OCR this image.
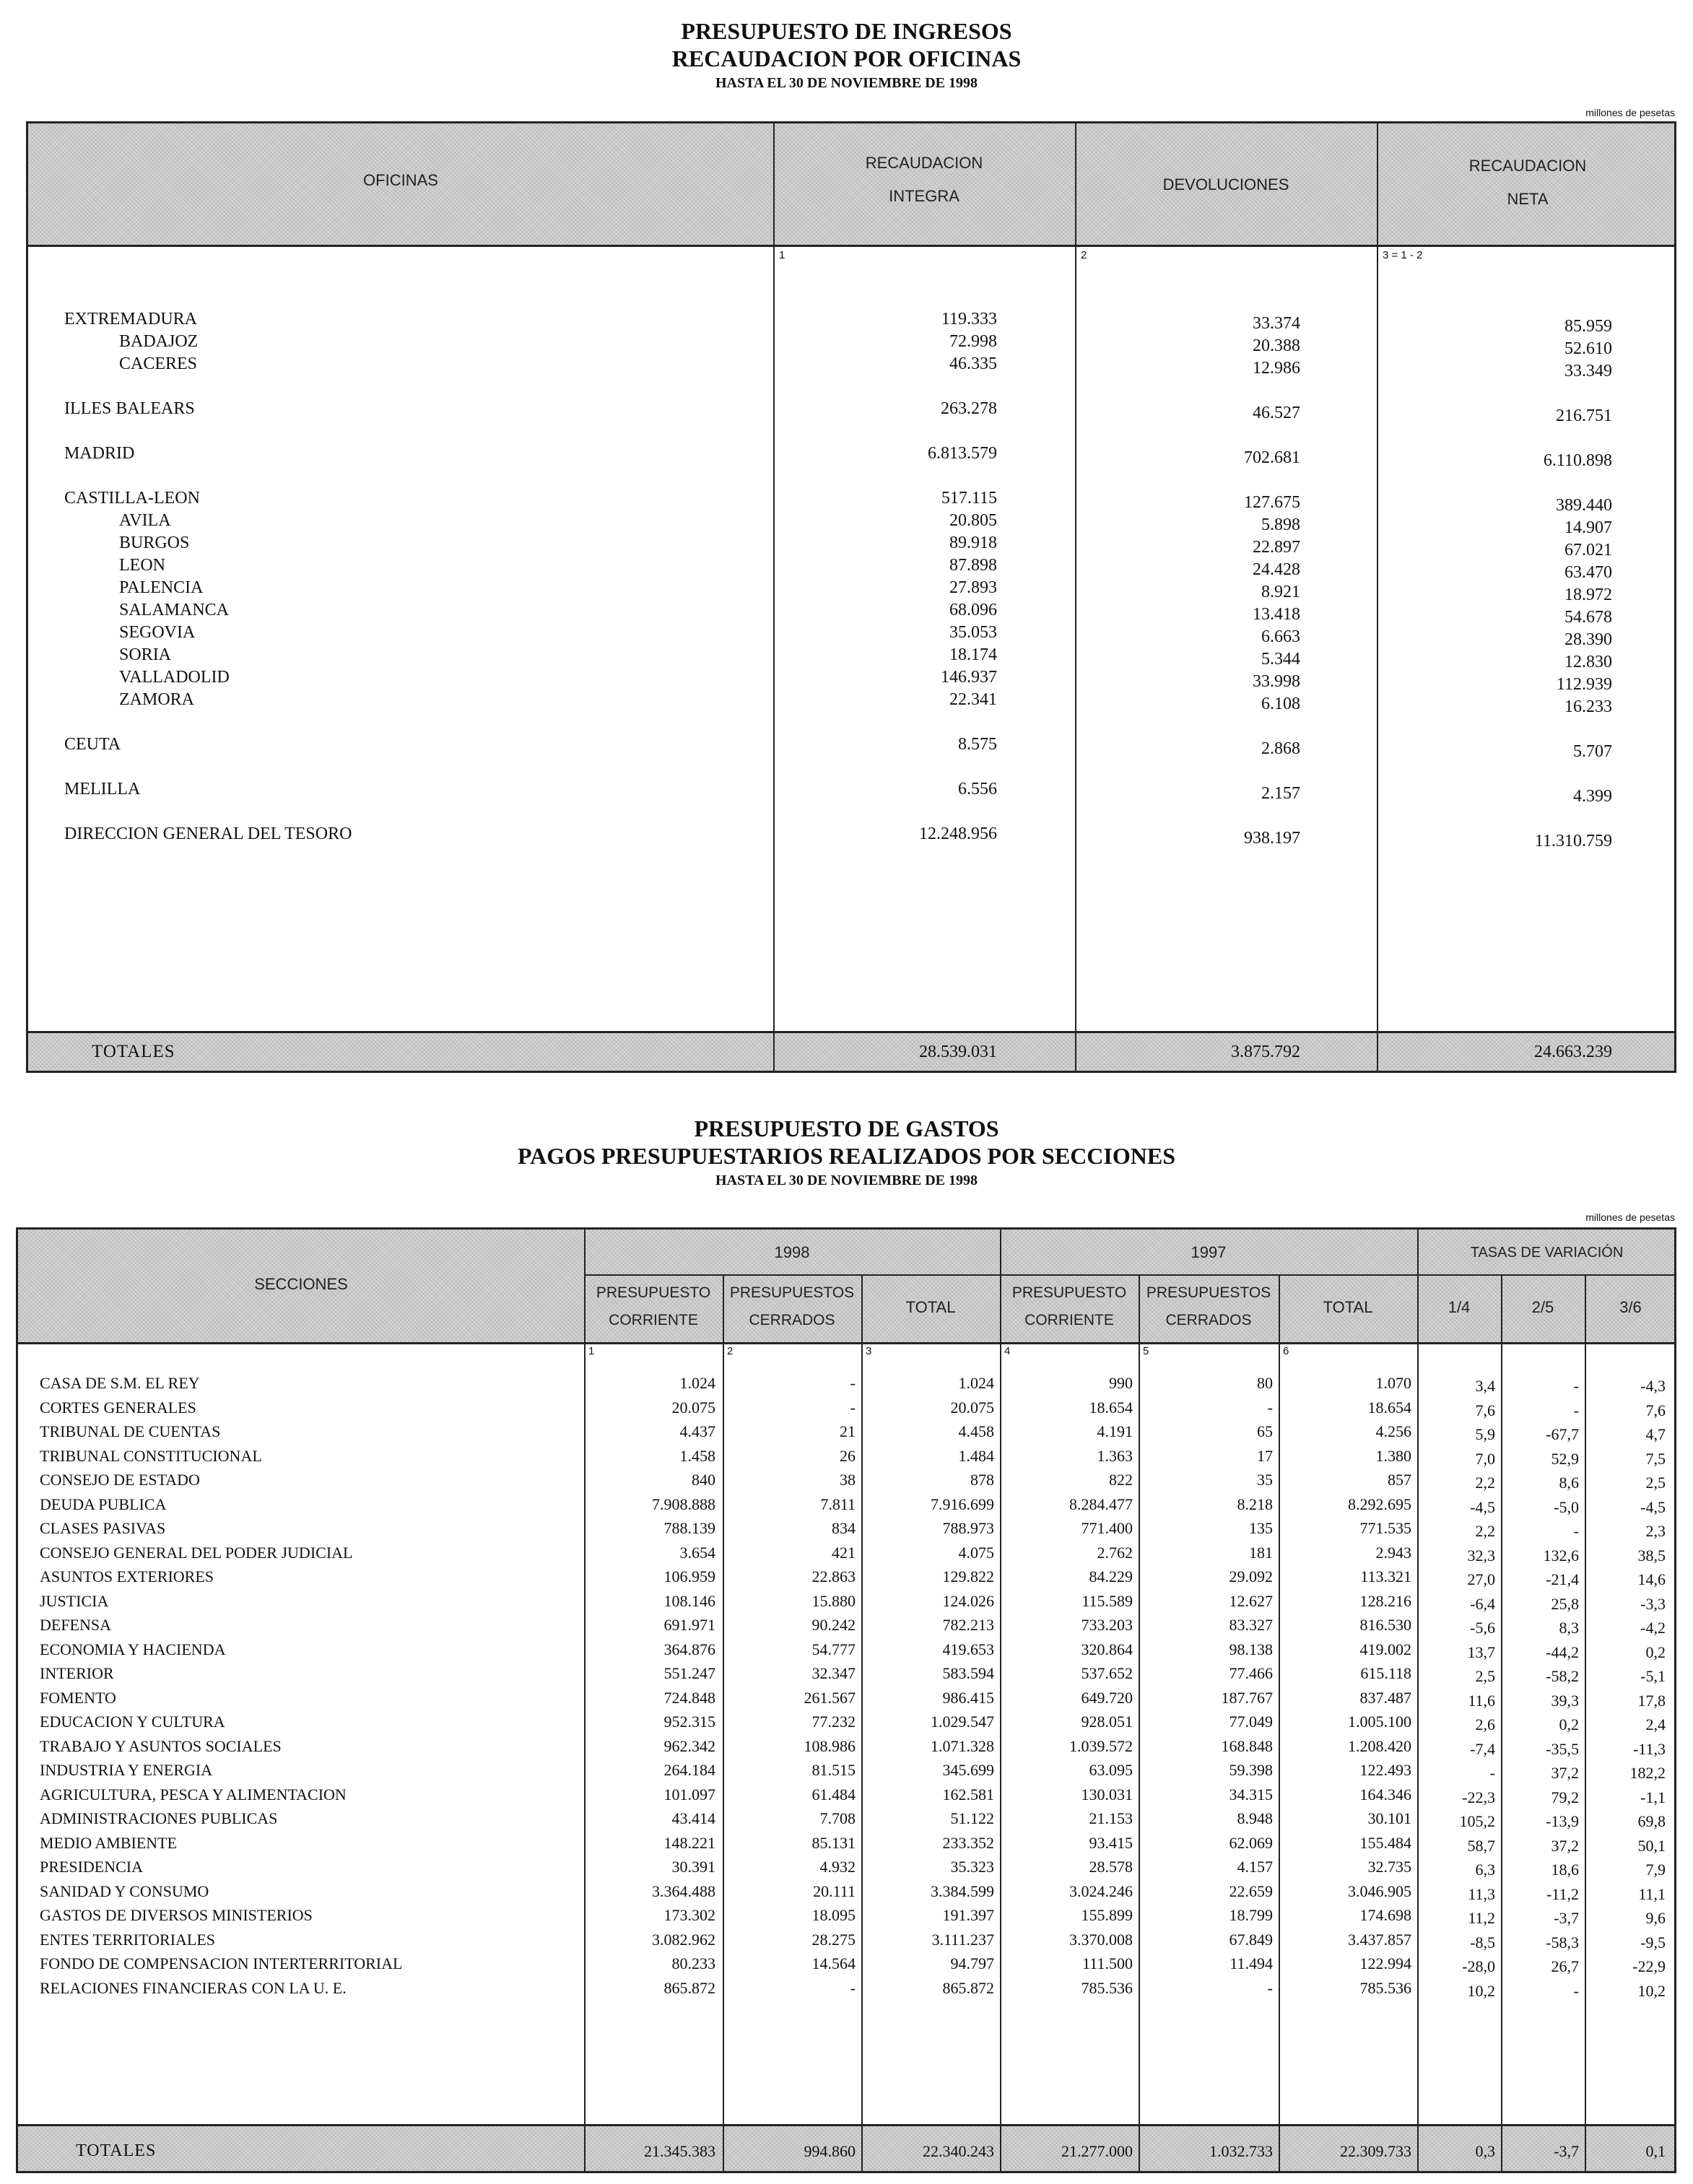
PRESUPUESTO DE INGRESOS
RECAUDACION POR OFICINAS
HASTA EL 30 DE NOVIEMBRE DE 1998
millones de pesetas
OFICINAS
RECAUDACION
INTEGRA
DEVOLUCIONES
RECAUDACION
NETA
1	2	3 = 1 - 2
EXTREMADURA	119.333	33.374	85.959
BADAJOZ	72.998	20.388	52.610
CACERES	46.335	12.986	33.349
ILLES BALEARS	263.278	46.527	216.751
MADRID	6.813.579	702.681	6.110.898
CASTILLA-LEON	517.115	127.675	389.440
AVILA	20.805	5.898	14.907
BURGOS	89.918	22.897	67.021
LEON	87.898	24.428	63.470
PALENCIA	27.893	8.921	18.972
SALAMANCA	68.096	13.418	54.678
SEGOVIA	35.053	6.663	28.390
SORIA	18.174	5.344	12.830
VALLADOLID	146.937	33.998	112.939
ZAMORA	22.341	6.108	16.233
CEUTA	8.575	2.868	5.707
MELILLA	6.556	2.157	4.399
DIRECCION GENERAL DEL TESORO	12.248.956	938.197	11.310.759
TOTALES	28.539.031	3.875.792	24.663.239
PRESUPUESTO DE GASTOS
PAGOS PRESUPUESTARIOS REALIZADOS POR SECCIONES
HASTA EL 30 DE NOVIEMBRE DE 1998
millones de pesetas
SECCIONES
1998	1997	TASAS DE VARIACIÓN
PRESUPUESTO
CORRIENTE
PRESUPUESTOS
CERRADOS
TOTAL
PRESUPUESTO
CORRIENTE
PRESUPUESTOS
CERRADOS
TOTAL	1/4	2/5	3/6
1	2	3	4	5	6
CASA DE S.M. EL REY	1.024	-	1.024	990	80	1.070	3,4	-	-4,3
CORTES GENERALES	20.075	-	20.075	18.654	-	18.654	7,6	-	7,6
TRIBUNAL DE CUENTAS	4.437	21	4.458	4.191	65	4.256	5,9	-67,7	4,7
TRIBUNAL CONSTITUCIONAL	1.458	26	1.484	1.363	17	1.380	7,0	52,9	7,5
CONSEJO DE ESTADO	840	38	878	822	35	857	2,2	8,6	2,5
DEUDA PUBLICA	7.908.888	7.811	7.916.699	8.284.477	8.218	8.292.695	-4,5	-5,0	-4,5
CLASES PASIVAS	788.139	834	788.973	771.400	135	771.535	2,2	-	2,3
CONSEJO GENERAL DEL PODER JUDICIAL	3.654	421	4.075	2.762	181	2.943	32,3	132,6	38,5
ASUNTOS EXTERIORES	106.959	22.863	129.822	84.229	29.092	113.321	27,0	-21,4	14,6
JUSTICIA	108.146	15.880	124.026	115.589	12.627	128.216	-6,4	25,8	-3,3
DEFENSA	691.971	90.242	782.213	733.203	83.327	816.530	-5,6	8,3	-4,2
ECONOMIA Y HACIENDA	364.876	54.777	419.653	320.864	98.138	419.002	13,7	-44,2	0,2
INTERIOR	551.247	32.347	583.594	537.652	77.466	615.118	2,5	-58,2	-5,1
FOMENTO	724.848	261.567	986.415	649.720	187.767	837.487	11,6	39,3	17,8
EDUCACION Y CULTURA	952.315	77.232	1.029.547	928.051	77.049	1.005.100	2,6	0,2	2,4
TRABAJO Y ASUNTOS SOCIALES	962.342	108.986	1.071.328	1.039.572	168.848	1.208.420	-7,4	-35,5	-11,3
INDUSTRIA Y ENERGIA	264.184	81.515	345.699	63.095	59.398	122.493	-	37,2	182,2
AGRICULTURA, PESCA Y ALIMENTACION	101.097	61.484	162.581	130.031	34.315	164.346	-22,3	79,2	-1,1
ADMINISTRACIONES PUBLICAS	43.414	7.708	51.122	21.153	8.948	30.101	105,2	-13,9	69,8
MEDIO AMBIENTE	148.221	85.131	233.352	93.415	62.069	155.484	58,7	37,2	50,1
PRESIDENCIA	30.391	4.932	35.323	28.578	4.157	32.735	6,3	18,6	7,9
SANIDAD Y CONSUMO	3.364.488	20.111	3.384.599	3.024.246	22.659	3.046.905	11,3	-11,2	11,1
GASTOS DE DIVERSOS MINISTERIOS	173.302	18.095	191.397	155.899	18.799	174.698	11,2	-3,7	9,6
ENTES TERRITORIALES	3.082.962	28.275	3.111.237	3.370.008	67.849	3.437.857	-8,5	-58,3	-9,5
FONDO DE COMPENSACION INTERTERRITORIAL	80.233	14.564	94.797	111.500	11.494	122.994	-28,0	26,7	-22,9
RELACIONES FINANCIERAS CON LA U. E.	865.872	-	865.872	785.536	-	785.536	10,2	-	10,2
TOTALES	21.345.383	994.860	22.340.243	21.277.000	1.032.733	22.309.733	0,3	-3,7	0,1
